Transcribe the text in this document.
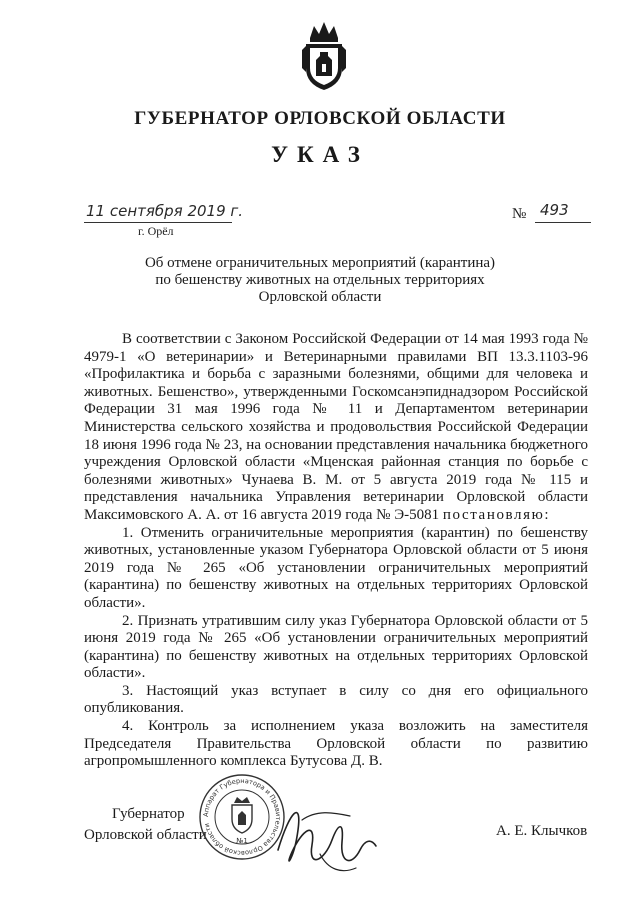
ГУБЕРНАТОР ОРЛОВСКОЙ ОБЛАСТИ
УКАЗ
11 сентября 2019 г.
г. Орёл
№ 493
Об отмене ограничительных мероприятий (карантина) по бешенству животных на отдельных территориях Орловской области

В соответствии с Законом Российской Федерации от 14 мая 1993 года № 4979-1 «О ветеринарии» и Ветеринарными правилами ВП 13.3.1103-96 «Профилактика и борьба с заразными болезнями, общими для человека и животных. Бешенство», утвержденными Госкомсанэпиднадзором Российской Федерации 31 мая 1996 года № 11 и Департаментом ветеринарии Министерства сельского хозяйства и продовольствия Российской Федерации 18 июня 1996 года № 23, на основании представления начальника бюджетного учреждения Орловской области «Мценская районная станция по борьбе с болезнями животных» Чунаева В. М. от 5 августа 2019 года № 115 и представления начальника Управления ветеринарии Орловской области Максимовского А. А. от 16 августа 2019 года № Э-5081 постановляю:

1. Отменить ограничительные мероприятия (карантин) по бешенству животных, установленные указом Губернатора Орловской области от 5 июня 2019 года № 265 «Об установлении ограничительных мероприятий (карантина) по бешенству животных на отдельных территориях Орловской области».

2. Признать утратившим силу указ Губернатора Орловской области от 5 июня 2019 года № 265 «Об установлении ограничительных мероприятий (карантина) по бешенству животных на отдельных территориях Орловской области».

3. Настоящий указ вступает в силу со дня его официального опубликования.

4. Контроль за исполнением указа возложить на заместителя Председателя Правительства Орловской области по развитию агропромышленного комплекса Бутусова Д. В.

Губернатор
Орловской области
Аппарат Губернатора и Правительства Орловской области
№1
А. Е. Клычков
